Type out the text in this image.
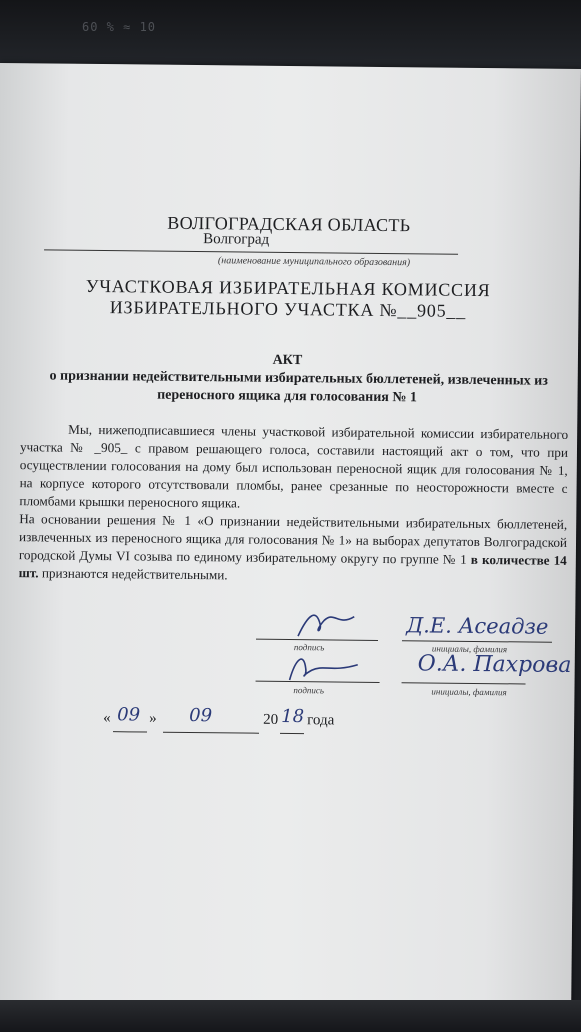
60 % ≈ 10
ВОЛГОГРАДСКАЯ ОБЛАСТЬ
Волгоград
(наименование муниципального образования)
УЧАСТКОВАЯ ИЗБИРАТЕЛЬНАЯ КОМИССИЯ
ИЗБИРАТЕЛЬНОГО УЧАСТКА №__905__
АКТ
о признании недействительными избирательных бюллетеней, извлеченных из
переносного ящика для голосования № 1

Мы, нижеподписавшиеся члены участковой избирательной комиссии избирательного участка № _905_ с правом решающего голоса, составили настоящий акт о том, что при осуществлении голосования на дому был использован переносной ящик для голосования № 1, на корпусе которого отсутствовали пломбы, ранее срезанные по неосторожности вместе с пломбами крышки переносного ящика.

На основании решения № 1 «О признании недействительными избирательных бюллетеней, извлеченных из переносного ящика для голосования № 1» на выборах депутатов Волгоградской городской Думы VI созыва по единому избирательному округу по группе № 1 в количестве 14 шт. признаются недействительными.

подпись	инициалы, фамилия
Д.Е. Асеадзе
подпись	инициалы, фамилия
О.А. Пахрова
« 09 » 09	20 18 года
